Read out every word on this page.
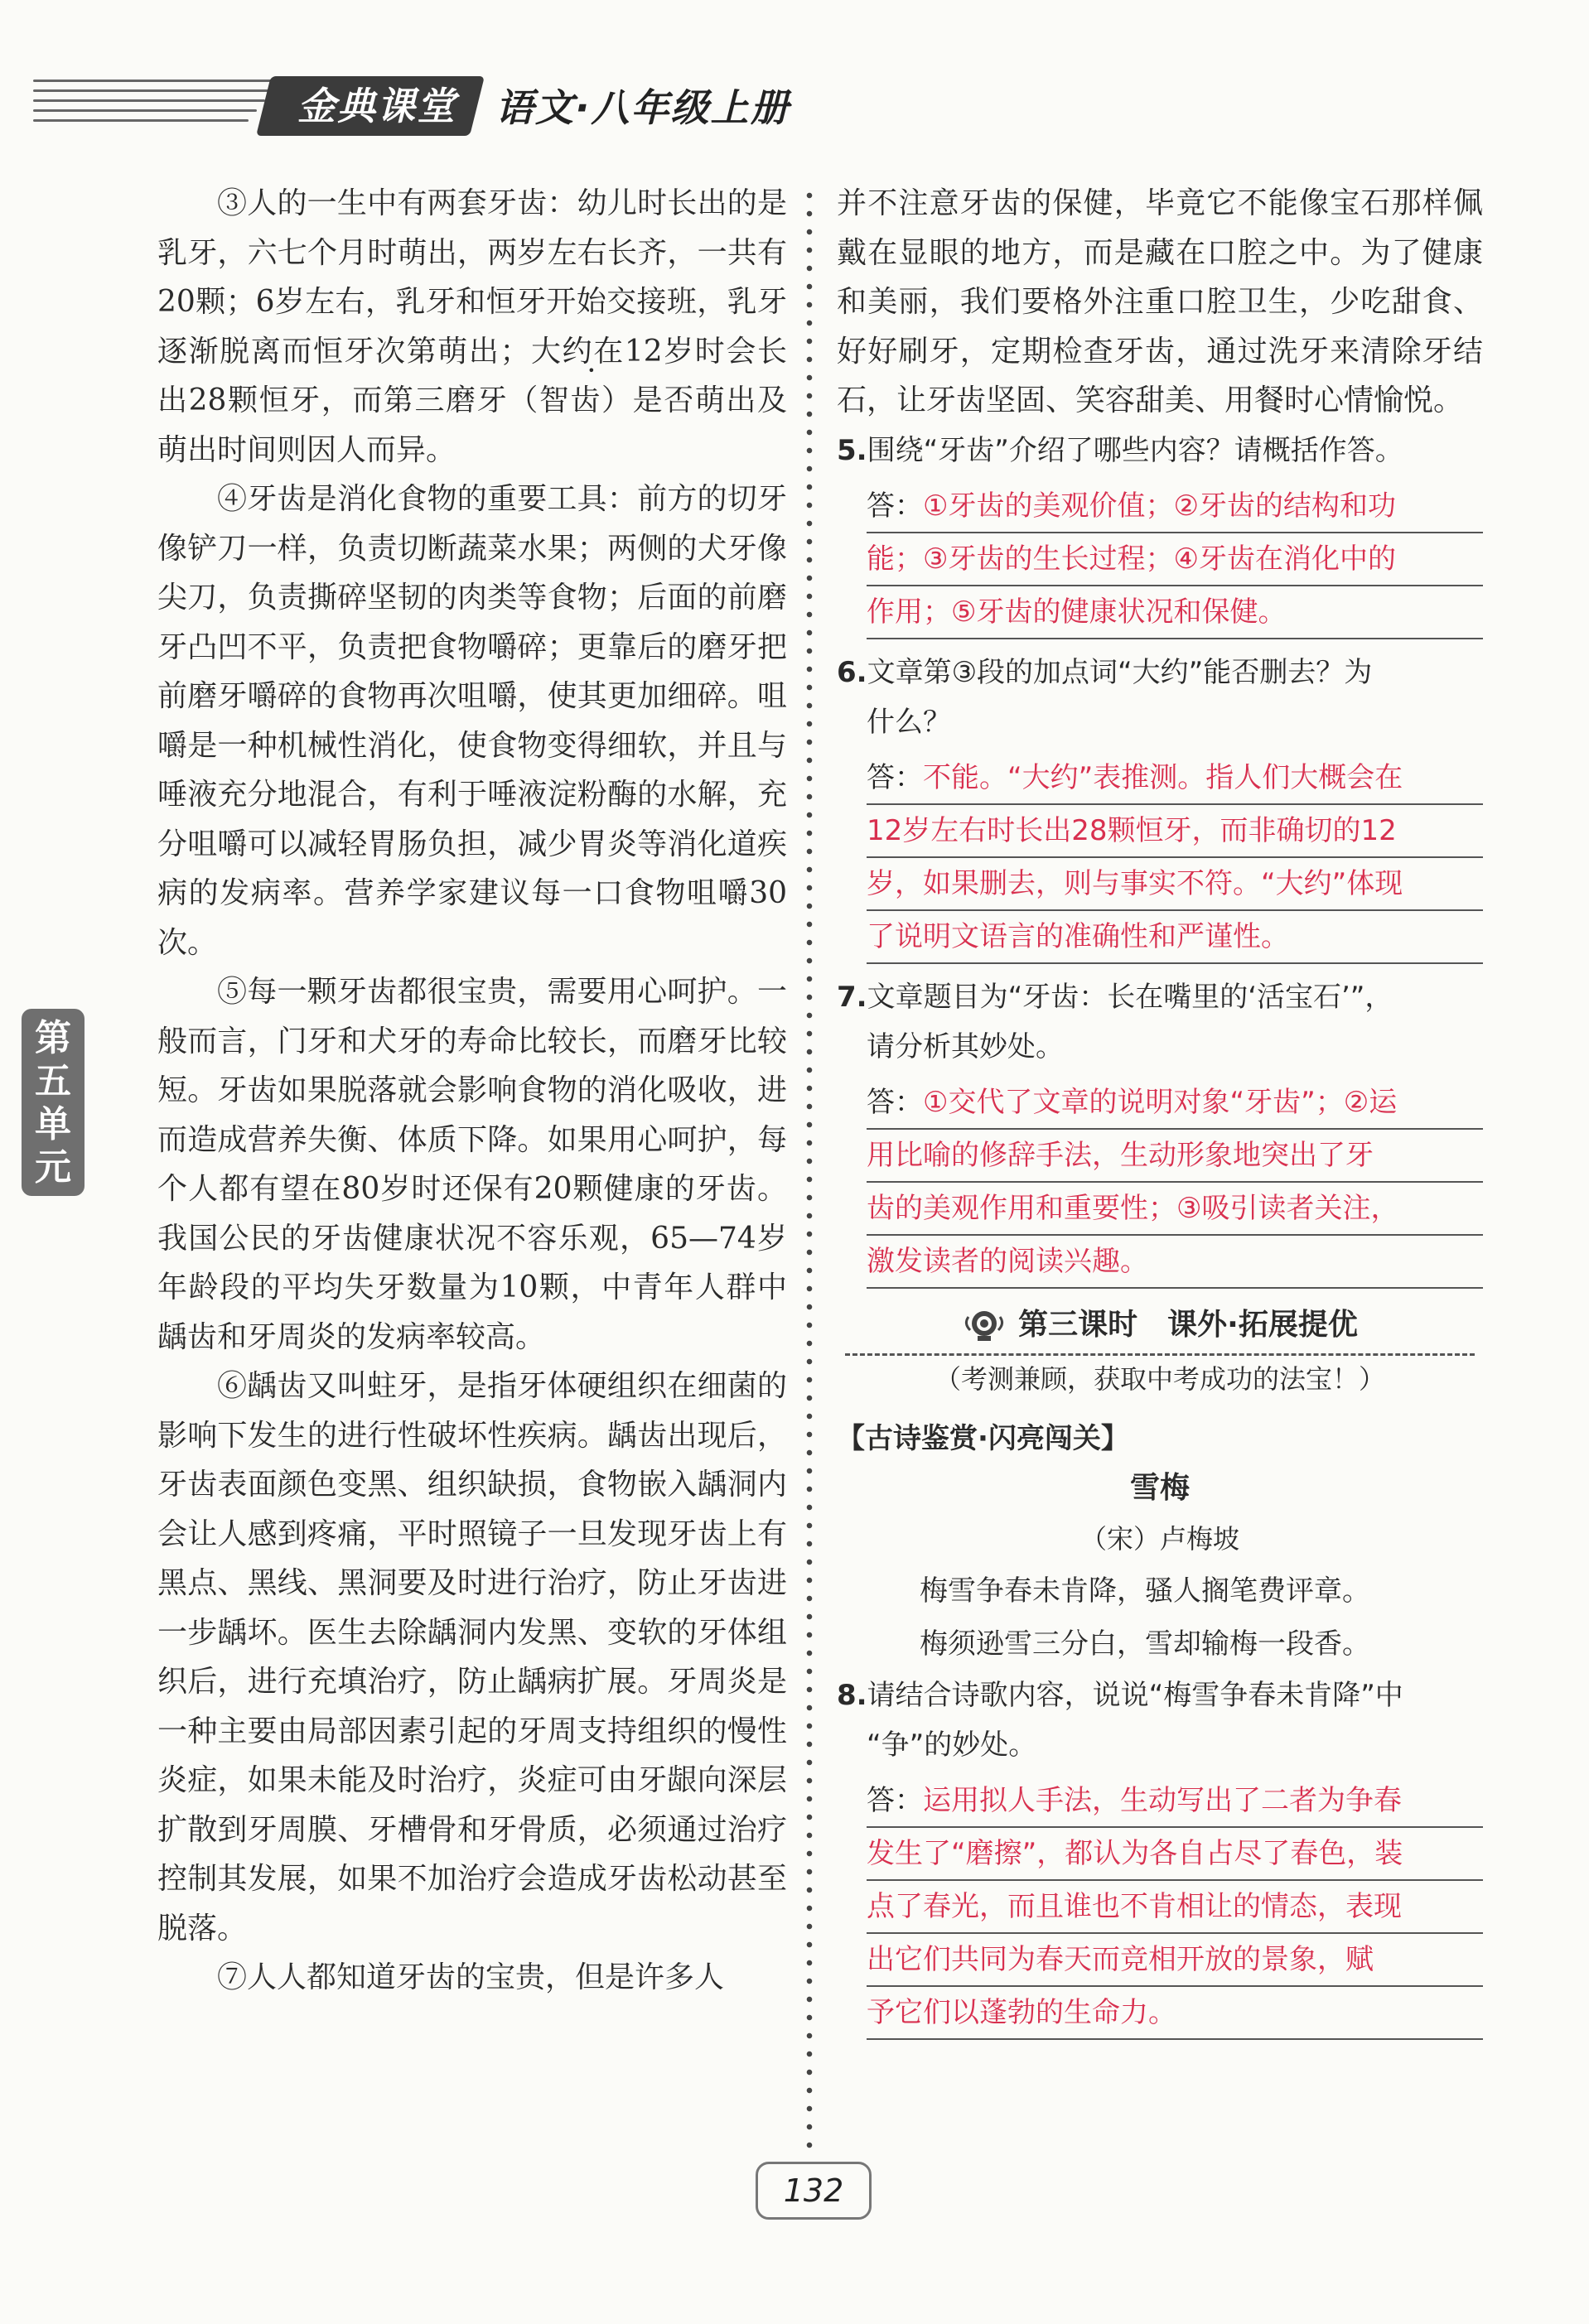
金典课堂	语文·八年级上册
第五单元

③人的一生中有两套牙齿：幼儿时长出的是乳牙，六七个月时萌出，两岁左右长齐，一共有20颗；6岁左右，乳牙和恒牙开始交接班，乳牙逐渐脱离而恒牙次第萌出；大约在12岁时会长出28颗恒牙，而第三磨牙（智齿）是否萌出及萌出时间则因人而异。

④牙齿是消化食物的重要工具：前方的切牙像铲刀一样，负责切断蔬菜水果；两侧的犬牙像尖刀，负责撕碎坚韧的肉类等食物；后面的前磨牙凸凹不平，负责把食物嚼碎；更靠后的磨牙把前磨牙嚼碎的食物再次咀嚼，使其更加细碎。咀嚼是一种机械性消化，使食物变得细软，并且与唾液充分地混合，有利于唾液淀粉酶的水解，充分咀嚼可以减轻胃肠负担，减少胃炎等消化道疾病的发病率。营养学家建议每一口食物咀嚼30次。

⑤每一颗牙齿都很宝贵，需要用心呵护。一般而言，门牙和犬牙的寿命比较长，而磨牙比较短。牙齿如果脱落就会影响食物的消化吸收，进而造成营养失衡、体质下降。如果用心呵护，每个人都有望在80岁时还保有20颗健康的牙齿。我国公民的牙齿健康状况不容乐观，65—74岁年龄段的平均失牙数量为10颗，中青年人群中龋齿和牙周炎的发病率较高。

⑥龋齿又叫蛀牙，是指牙体硬组织在细菌的影响下发生的进行性破坏性疾病。龋齿出现后，牙齿表面颜色变黑、组织缺损，食物嵌入龋洞内会让人感到疼痛，平时照镜子一旦发现牙齿上有黑点、黑线、黑洞要及时进行治疗，防止牙齿进一步龋坏。医生去除龋洞内发黑、变软的牙体组织后，进行充填治疗，防止龋病扩展。牙周炎是一种主要由局部因素引起的牙周支持组织的慢性炎症，如果未能及时治疗，炎症可由牙龈向深层扩散到牙周膜、牙槽骨和牙骨质，必须通过治疗控制其发展，如果不加治疗会造成牙齿松动甚至脱落。

⑦人人都知道牙齿的宝贵，但是许多人

并不注意牙齿的保健，毕竟它不能像宝石那样佩戴在显眼的地方，而是藏在口腔之中。为了健康和美丽，我们要格外注重口腔卫生，少吃甜食、好好刷牙，定期检查牙齿，通过洗牙来清除牙结石，让牙齿坚固、笑容甜美、用餐时心情愉悦。

5.围绕“牙齿”介绍了哪些内容？请概括作答。

答：①牙齿的美观价值；②牙齿的结构和功
能；③牙齿的生长过程；④牙齿在消化中的
作用；⑤牙齿的健康状况和保健。

6.文章第③段的加点词“大约”能否删去？为
什么？

答：不能。“大约”表推测。指人们大概会在
12岁左右时长出28颗恒牙，而非确切的12
岁，如果删去，则与事实不符。“大约”体现
了说明文语言的准确性和严谨性。

7.文章题目为“牙齿：长在嘴里的‘活宝石’”，
请分析其妙处。

答：①交代了文章的说明对象“牙齿”；②运
用比喻的修辞手法，生动形象地突出了牙
齿的美观作用和重要性；③吸引读者关注，
激发读者的阅读兴趣。
第三课时　课外·拓展提优
（考测兼顾，获取中考成功的法宝！）
【古诗鉴赏·闪亮闯关】
雪梅
（宋）卢梅坡
梅雪争春未肯降，骚人搁笔费评章。
梅须逊雪三分白，雪却输梅一段香。

8.请结合诗歌内容，说说“梅雪争春未肯降”中
“争”的妙处。

答：运用拟人手法，生动写出了二者为争春
发生了“磨擦”，都认为各自占尽了春色，装
点了春光，而且谁也不肯相让的情态，表现
出它们共同为春天而竞相开放的景象，赋
予它们以蓬勃的生命力。
132
